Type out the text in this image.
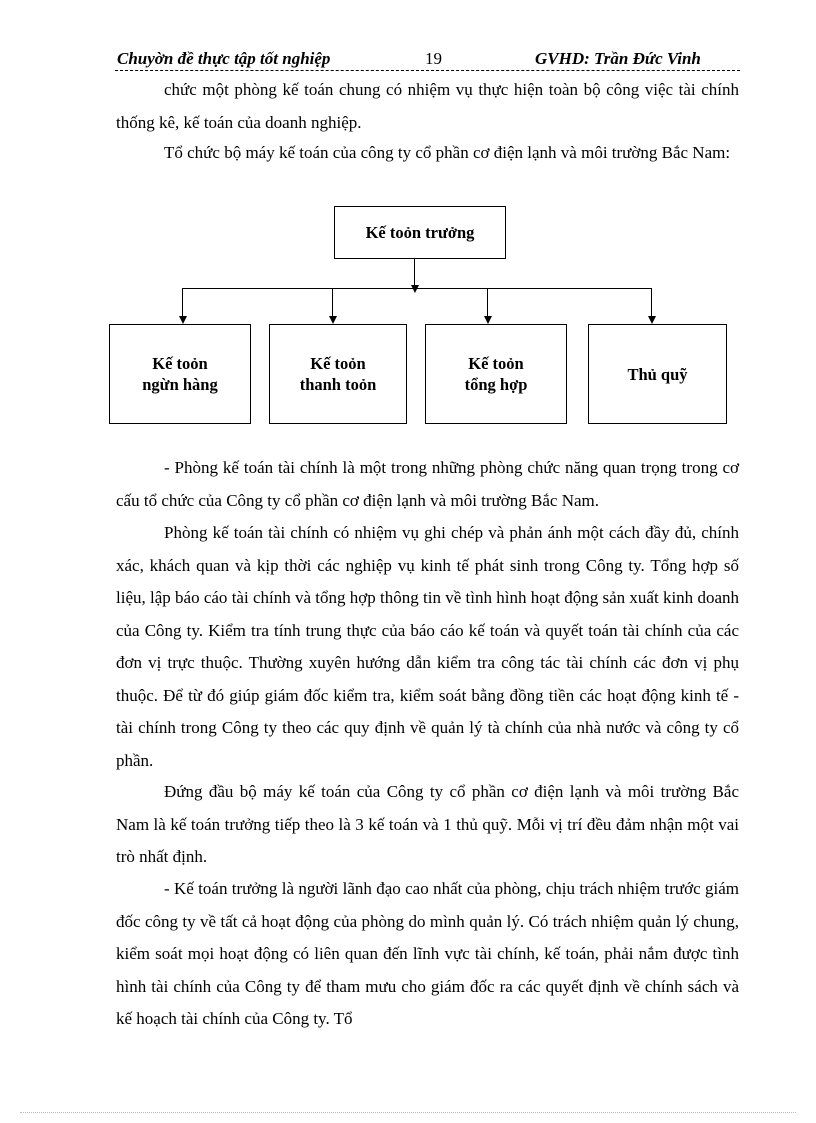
Chuyờn đề thực tập tốt nghiệp	19	GVHD: Trần Đức Vinh

chức một phòng kế toán chung có nhiệm vụ thực hiện toàn bộ công việc tài chính thống kê, kế toán của doanh nghiệp.

Tổ chức bộ máy kế toán của công ty cổ phần cơ điện lạnh và môi trường Bắc Nam:

Kế toỏn trưởng
Kế toỏn
ngừn hàng
Kế toỏn
thanh toỏn
Kế toỏn
tổng hợp
Thủ quỹ

- Phòng kế toán tài chính là một trong những phòng chức năng quan trọng trong cơ cấu tổ chức của Công ty cổ phần cơ điện lạnh và môi trường Bắc Nam.

Phòng kế toán tài chính có nhiệm vụ ghi chép và phản ánh một cách đầy đủ, chính xác, khách quan và kịp thời các nghiệp vụ kinh tế phát sinh trong Công ty. Tổng hợp số liệu, lập báo cáo tài chính và tổng hợp thông tin về tình hình hoạt động sản xuất kinh doanh của Công ty. Kiểm tra tính trung thực của báo cáo kế toán và quyết toán tài chính của các đơn vị trực thuộc. Thường xuyên hướng dẫn kiểm tra công tác tài chính các đơn vị phụ thuộc. Để từ đó giúp giám đốc kiểm tra, kiểm soát bằng đồng tiền các hoạt động kinh tế - tài chính trong Công ty theo các quy định về quản lý tà chính của nhà nước và công ty cổ phần.

Đứng đầu bộ máy kế toán của Công ty cổ phần cơ điện lạnh và môi trường Bắc Nam là kế toán trưởng tiếp theo là 3 kế toán và 1 thủ quỹ. Mỗi vị trí đều đảm nhận một vai trò nhất định.

- Kế toán trưởng là người lãnh đạo cao nhất của phòng, chịu trách nhiệm trước giám đốc công ty về tất cả hoạt động của phòng do mình quản lý. Có trách nhiệm quản lý chung, kiểm soát mọi hoạt động có liên quan đến lĩnh vực tài chính, kế toán, phải nắm được tình hình tài chính của Công ty để tham mưu cho giám đốc ra các quyết định về chính sách và kế hoạch tài chính của Công ty. Tổ
